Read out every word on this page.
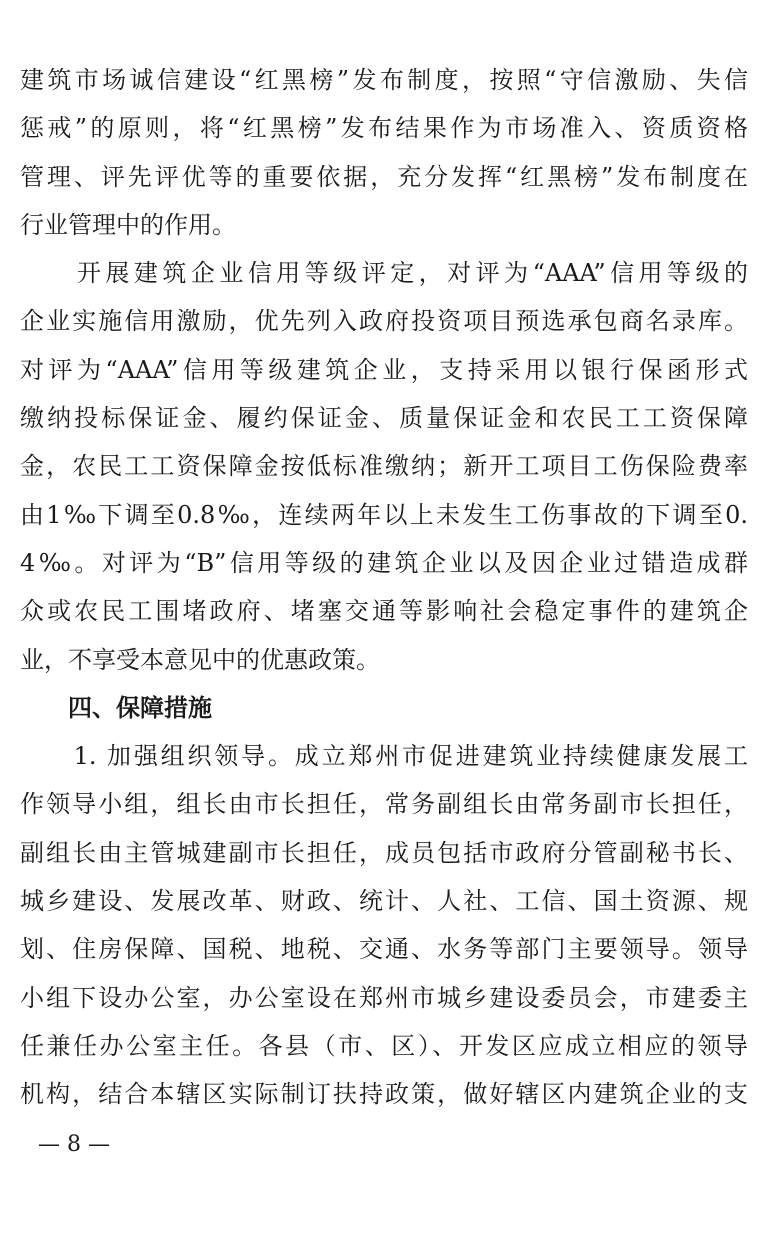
建筑市场诚信建设“红黑榜”发布制度，按照“守信激励、失信
惩戒”的原则，将“红黑榜”发布结果作为市场准入、资质资格
管理、评先评优等的重要依据，充分发挥“红黑榜”发布制度在
行业管理中的作用。
　　开展建筑企业信用等级评定，对评为“AAA”信用等级的
企业实施信用激励，优先列入政府投资项目预选承包商名录库。
对评为“AAA”信用等级建筑企业，支持采用以银行保函形式
缴纳投标保证金、履约保证金、质量保证金和农民工工资保障
金，农民工工资保障金按低标准缴纳；新开工项目工伤保险费率
由1‰下调至0.8‰，连续两年以上未发生工伤事故的下调至0.
4‰。对评为“B”信用等级的建筑企业以及因企业过错造成群
众或农民工围堵政府、堵塞交通等影响社会稳定事件的建筑企
业，不享受本意见中的优惠政策。
四、保障措施
　　1. 加强组织领导。成立郑州市促进建筑业持续健康发展工
作领导小组，组长由市长担任，常务副组长由常务副市长担任，
副组长由主管城建副市长担任，成员包括市政府分管副秘书长、
城乡建设、发展改革、财政、统计、人社、工信、国土资源、规
划、住房保障、国税、地税、交通、水务等部门主要领导。领导
小组下设办公室，办公室设在郑州市城乡建设委员会，市建委主
任兼任办公室主任。各县（市、区）、开发区应成立相应的领导
机构，结合本辖区实际制订扶持政策，做好辖区内建筑企业的支
— 8 —
